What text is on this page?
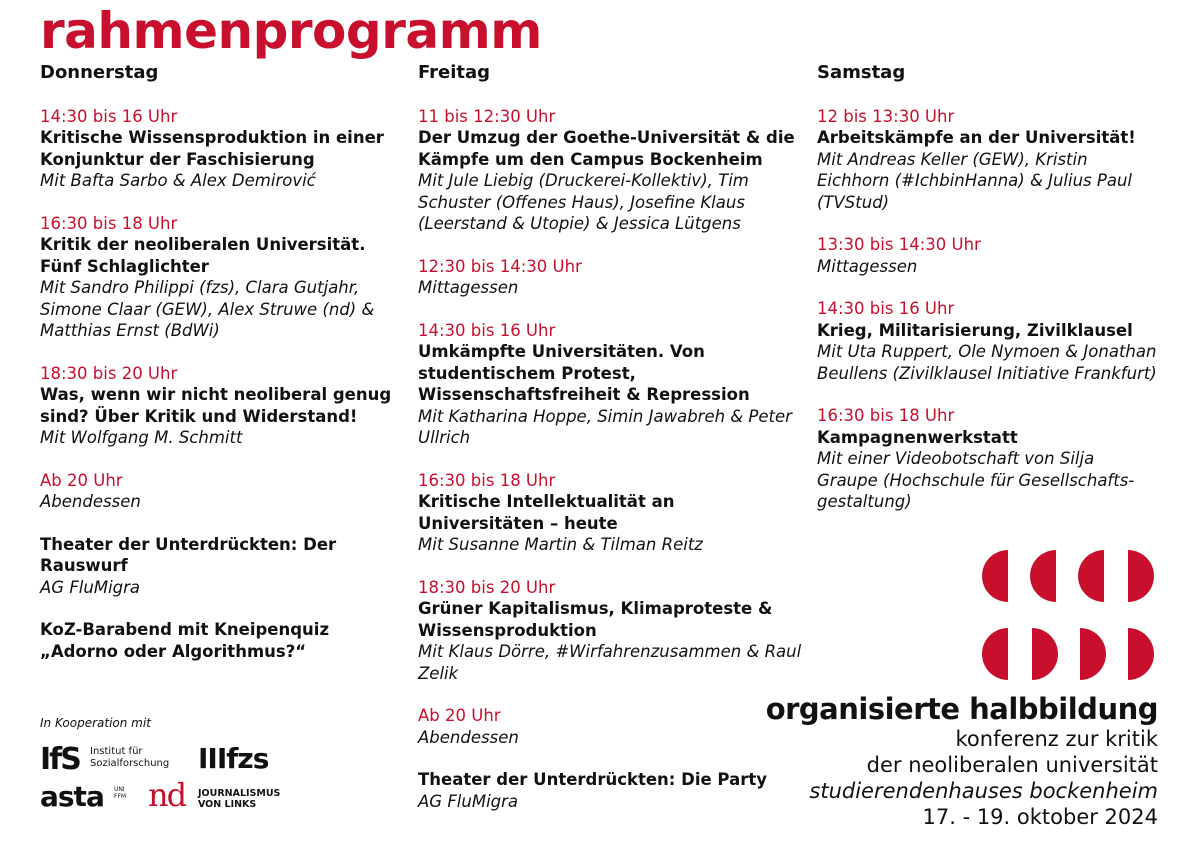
rahmenprogramm
Donnerstag
14:30 bis 16 Uhr
Kritische Wissensproduktion in einer Konjunktur der Faschisierung
Mit Bafta Sarbo & Alex Demirović
16:30 bis 18 Uhr
Kritik der neoliberalen Universität. Fünf Schlaglichter
Mit Sandro Philippi (fzs), Clara Gutjahr, Simone Claar (GEW), Alex Struwe (nd) & Matthias Ernst (BdWi)
18:30 bis 20 Uhr
Was, wenn wir nicht neoliberal genug sind? Über Kritik und Widerstand!
Mit Wolfgang M. Schmitt
Ab 20 Uhr
Abendessen
Theater der Unterdrückten: Der Rauswurf
AG FluMigra
KoZ-Barabend mit Kneipenquiz „Adorno oder Algorithmus?“
Freitag
11 bis 12:30 Uhr
Der Umzug der Goethe-Universität & die Kämpfe um den Campus Bockenheim
Mit Jule Liebig (Druckerei-Kollektiv), Tim Schuster (Offenes Haus), Josefine Klaus (Leerstand & Utopie) & Jessica Lütgens
12:30 bis 14:30 Uhr
Mittagessen
14:30 bis 16 Uhr
Umkämpfte Universitäten. Von studentischem Protest, Wissenschaftsfreiheit & Repression
Mit Katharina Hoppe, Simin Jawabreh & Peter Ullrich
16:30 bis 18 Uhr
Kritische Intellektualität an Universitäten – heute
Mit Susanne Martin & Tilman Reitz
18:30 bis 20 Uhr
Grüner Kapitalismus, Klimaproteste & Wissensproduktion
Mit Klaus Dörre, #Wirfahrenzusammen & Raul Zelik
Ab 20 Uhr
Abendessen
Theater der Unterdrückten: Die Party
AG FluMigra
Samstag
12 bis 13:30 Uhr
Arbeitskämpfe an der Universität!
Mit Andreas Keller (GEW), Kristin Eichhorn (#IchbinHanna) & Julius Paul (TVStud)
13:30 bis 14:30 Uhr
Mittagessen
14:30 bis 16 Uhr
Krieg, Militarisierung, Zivilklausel
Mit Uta Ruppert, Ole Nymoen & Jonathan Beullens (Zivilklausel Initiative Frankfurt)
16:30 bis 18 Uhr
Kampagnenwerkstatt
Mit einer Videobotschaft von Silja Graupe (Hochschule für Gesellschafts-gestaltung)
In Kooperation mit
IfS Institut für Sozialforschung IIIfzs
asta UNI FFM nd JOURNALISMUS VON LINKS
organisierte halbbildung
konferenz zur kritik
der neoliberalen universität
studierendenhauses bockenheim
17. - 19. oktober 2024
